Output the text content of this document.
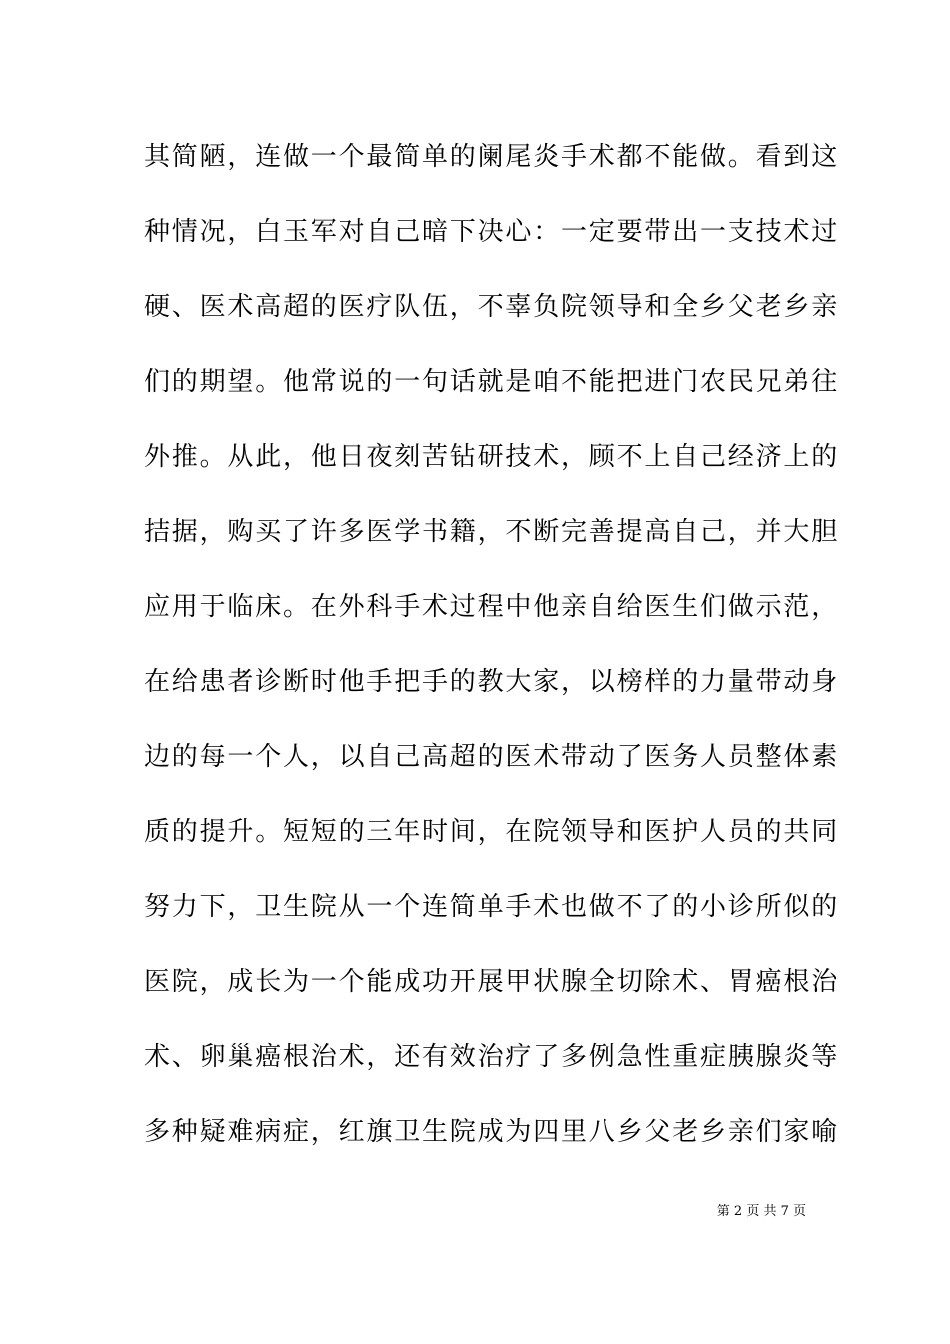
其简陋，连做一个最简单的阑尾炎手术都不能做。看到这
种情况，白玉军对自己暗下决心：一定要带出一支技术过
硬、医术高超的医疗队伍，不辜负院领导和全乡父老乡亲
们的期望。他常说的一句话就是咱不能把进门农民兄弟往
外推。从此，他日夜刻苦钻研技术，顾不上自己经济上的
拮据，购买了许多医学书籍，不断完善提高自己，并大胆
应用于临床。在外科手术过程中他亲自给医生们做示范，
在给患者诊断时他手把手的教大家，以榜样的力量带动身
边的每一个人，以自己高超的医术带动了医务人员整体素
质的提升。短短的三年时间，在院领导和医护人员的共同
努力下，卫生院从一个连简单手术也做不了的小诊所似的
医院，成长为一个能成功开展甲状腺全切除术、胃癌根治
术、卵巢癌根治术，还有效治疗了多例急性重症胰腺炎等
多种疑难病症，红旗卫生院成为四里八乡父老乡亲们家喻
第 2 页 共 7 页
